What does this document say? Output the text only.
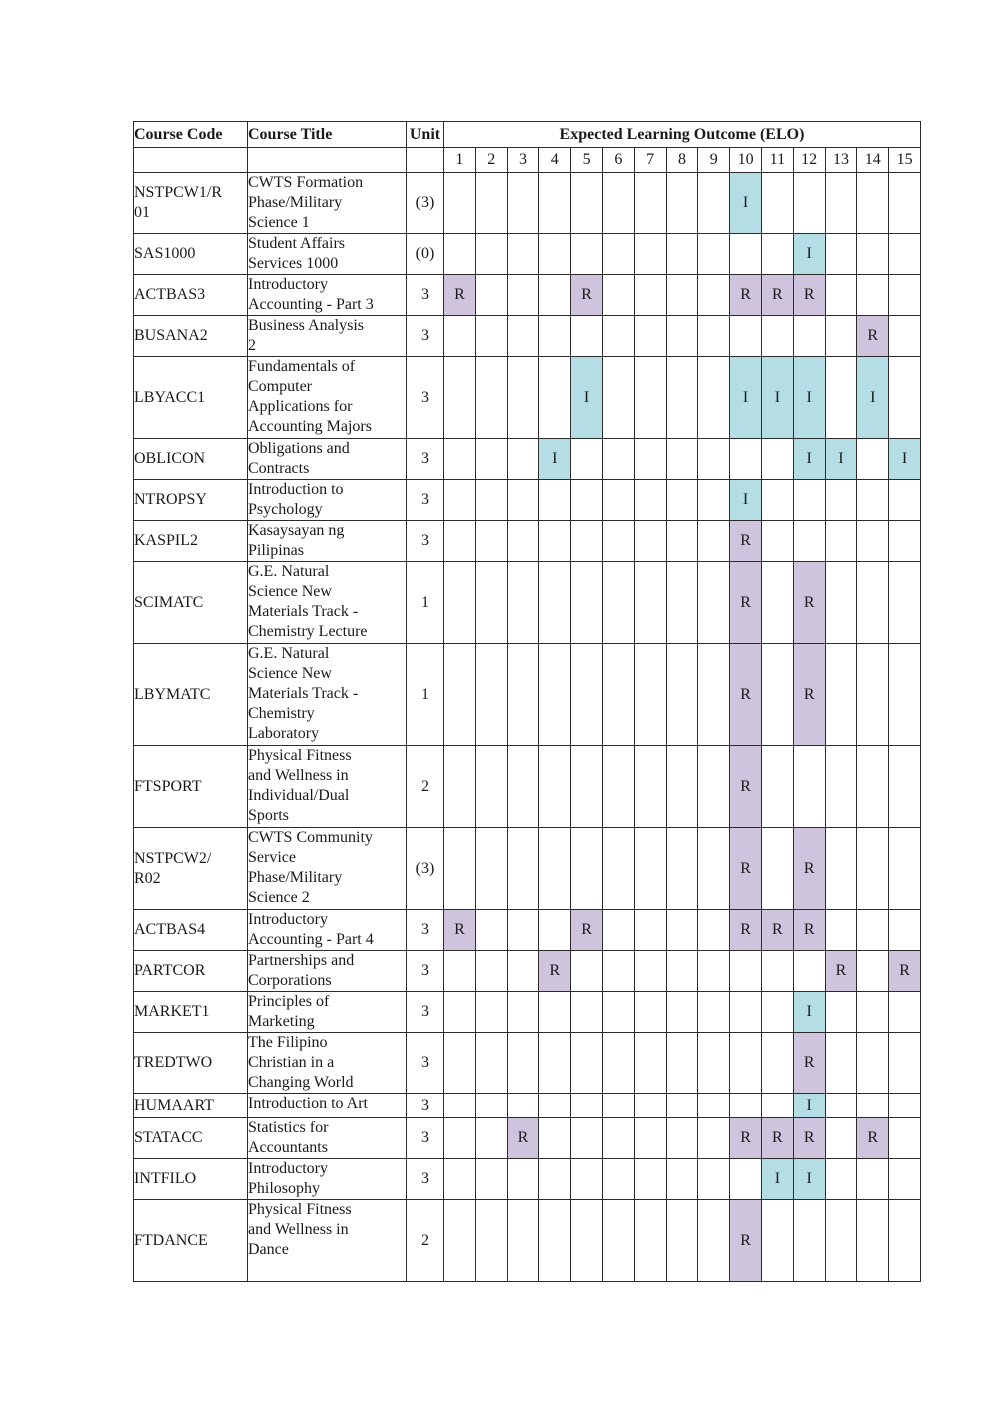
Course Code	Course Title	Unit	Expected Learning Outcome (ELO)														
			1	2	3	4	5	6	7	8	9	10	11	12	13	14	15
NSTPCW1/R
01	CWTS Formation
Phase/Military
Science 1	(3)										I					
SAS1000	Student Affairs
Services 1000	(0)												I			
ACTBAS3	Introductory
Accounting - Part 3	3	R				R					R	R	R			
BUSANA2	Business Analysis
2	3														R	
LBYACC1	Fundamentals of
Computer
Applications for
Accounting Majors	3					I					I	I	I		I	
OBLICON	Obligations and
Contracts	3				I								I	I		I
NTROPSY	Introduction to
Psychology	3										I					
KASPIL2	Kasaysayan ng
Pilipinas	3										R					
SCIMATC	G.E. Natural
Science New
Materials Track -
Chemistry Lecture	1										R		R			
LBYMATC	G.E. Natural
Science New
Materials Track -
Chemistry
Laboratory	1										R		R			
FTSPORT	Physical Fitness
and Wellness in
Individual/Dual
Sports	2										R					
NSTPCW2/
R02	CWTS Community
Service
Phase/Military
Science 2	(3)										R		R			
ACTBAS4	Introductory
Accounting - Part 4	3	R				R					R	R	R			
PARTCOR	Partnerships and
Corporations	3				R									R		R
MARKET1	Principles of
Marketing	3												I			
TREDTWO	The Filipino
Christian in a
Changing World	3												R			
HUMAART	Introduction to Art	3												I			
STATACC	Statistics for
Accountants	3			R							R	R	R		R	
INTFILO	Introductory
Philosophy	3											I	I			
FTDANCE	Physical Fitness
and Wellness in
Dance	2										R					
